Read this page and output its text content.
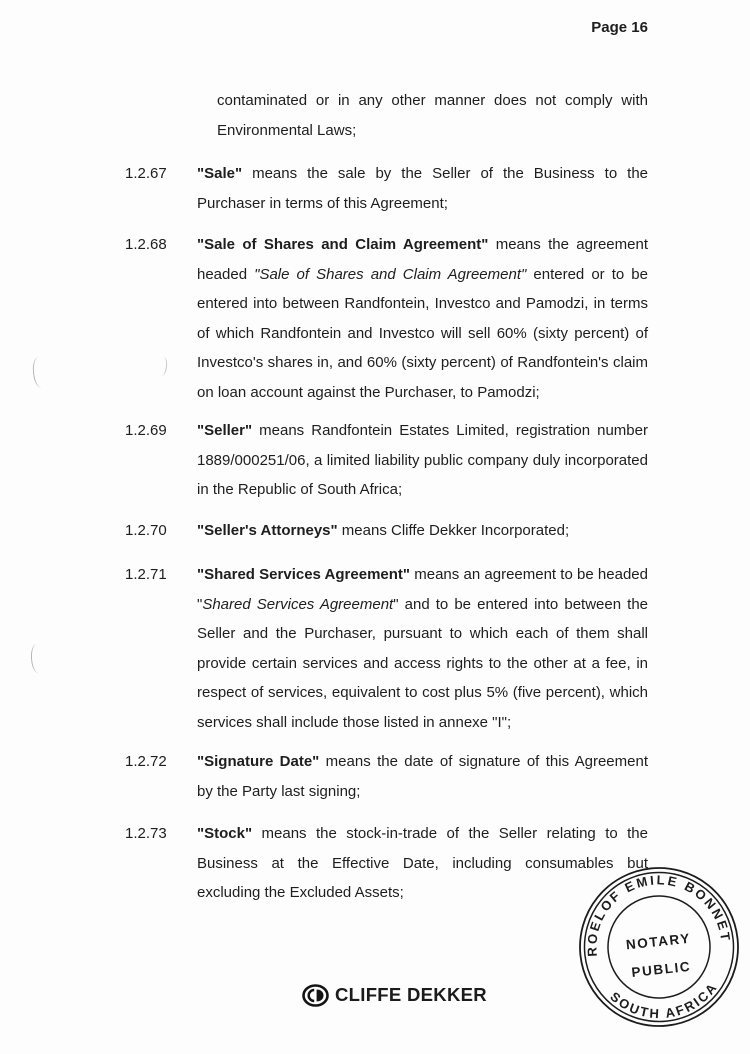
Page 16

contaminated or in any other manner does not comply with Environmental Laws;

1.2.67 "Sale" means the sale by the Seller of the Business to the Purchaser in terms of this Agreement;

1.2.68 "Sale of Shares and Claim Agreement" means the agreement headed "Sale of Shares and Claim Agreement" entered or to be entered into between Randfontein, Investco and Pamodzi, in terms of which Randfontein and Investco will sell 60% (sixty percent) of Investco's shares in, and 60% (sixty percent) of Randfontein's claim on loan account against the Purchaser, to Pamodzi;

1.2.69 "Seller" means Randfontein Estates Limited, registration number 1889/000251/06, a limited liability public company duly incorporated in the Republic of South Africa;

1.2.70 "Seller's Attorneys" means Cliffe Dekker Incorporated;

1.2.71 "Shared Services Agreement" means an agreement to be headed "Shared Services Agreement" and to be entered into between the Seller and the Purchaser, pursuant to which each of them shall provide certain services and access rights to the other at a fee, in respect of services, equivalent to cost plus 5% (five percent), which services shall include those listed in annexe "I";

1.2.72 "Signature Date" means the date of signature of this Agreement by the Party last signing;

1.2.73 "Stock" means the stock-in-trade of the Seller relating to the Business at the Effective Date, including consumables but excluding the Excluded Assets;

CLIFFE DEKKER
ROELOF EMILE BONNET
SOUTH AFRICA
NOTARY
PUBLIC
